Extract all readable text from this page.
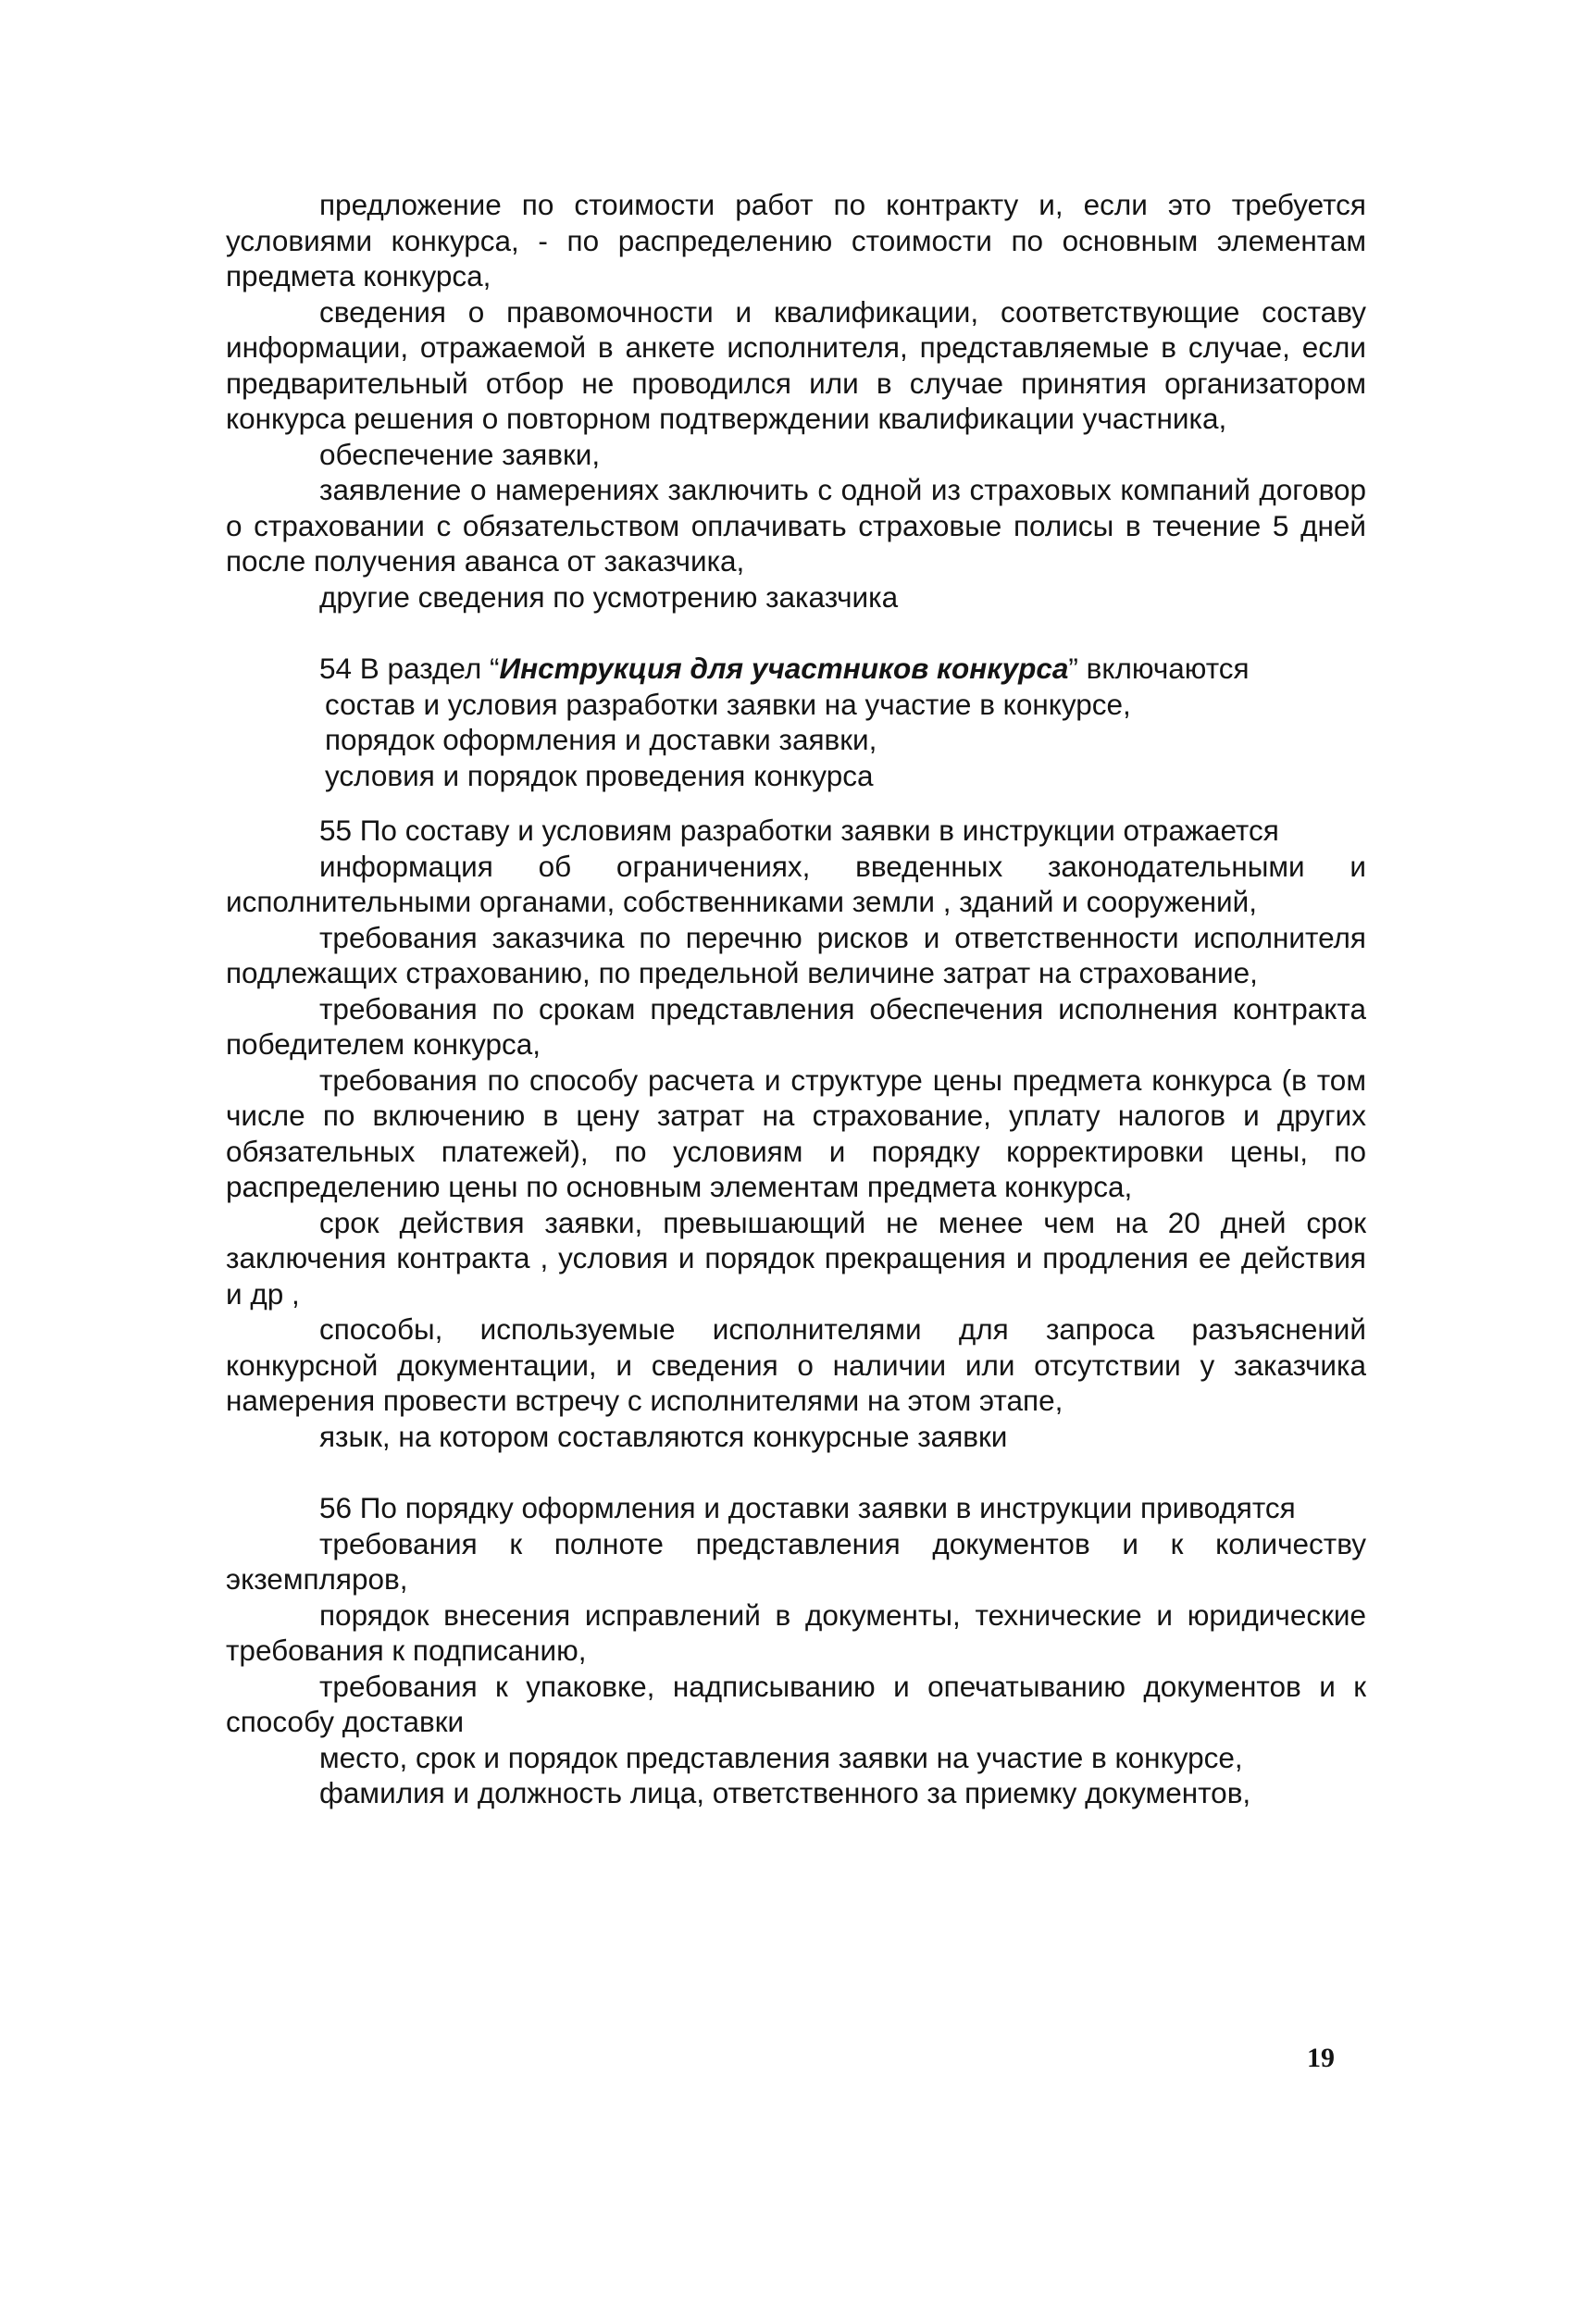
предложение по стоимости работ по контракту и, если это требуется условиями конкурса, - по распределению стоимости по основным элементам предмета конкурса,

сведения о правомочности и квалификации, соответствующие составу информации, отражаемой в анкете исполнителя, представляемые в случае, если предварительный отбор не проводился или в случае принятия организатором конкурса решения о повторном подтверждении квалификации участника,

обеспечение заявки,

заявление о намерениях заключить с одной из страховых компаний договор о страховании с обязательством оплачивать страховые полисы в течение 5 дней после получения аванса от заказчика,

другие сведения по усмотрению заказчика

54 В раздел “Инструкция для участников конкурса” включаются
состав и условия разработки заявки на участие в конкурсе,
порядок оформления и доставки заявки,
условия и порядок проведения конкурса
55 По составу и условиям разработки заявки в инструкции отражается

информация об ограничениях, введенных законодательными и исполнительными органами, собственниками земли , зданий и сооружений,

требования заказчика по перечню рисков и ответственности исполнителя подлежащих страхованию, по предельной величине затрат на страхование,

требования по срокам представления обеспечения исполнения контракта победителем конкурса,

требования по способу расчета и структуре цены предмета конкурса (в том числе по включению в цену затрат на страхование, уплату налогов и других обязательных платежей), по условиям и порядку корректировки цены, по распределению цены по основным элементам предмета конкурса,

срок действия заявки, превышающий не менее чем на 20 дней срок заключения контракта , условия и порядок прекращения и продления ее действия и др ,

способы, используемые исполнителями для запроса разъяснений конкурсной документации, и сведения о наличии или отсутствии у заказчика намерения провести встречу с исполнителями на этом этапе,

язык, на котором составляются конкурсные заявки

56 По порядку оформления и доставки заявки в инструкции приводятся

требования к полноте представления документов и к количеству экземпляров,

порядок внесения исправлений в документы, технические и юридические требования к подписанию,

требования к упаковке, надписыванию и опечатыванию документов и к способу доставки

место, срок и порядок представления заявки на участие в конкурсе,

фамилия и должность лица, ответственного за приемку документов,

19
